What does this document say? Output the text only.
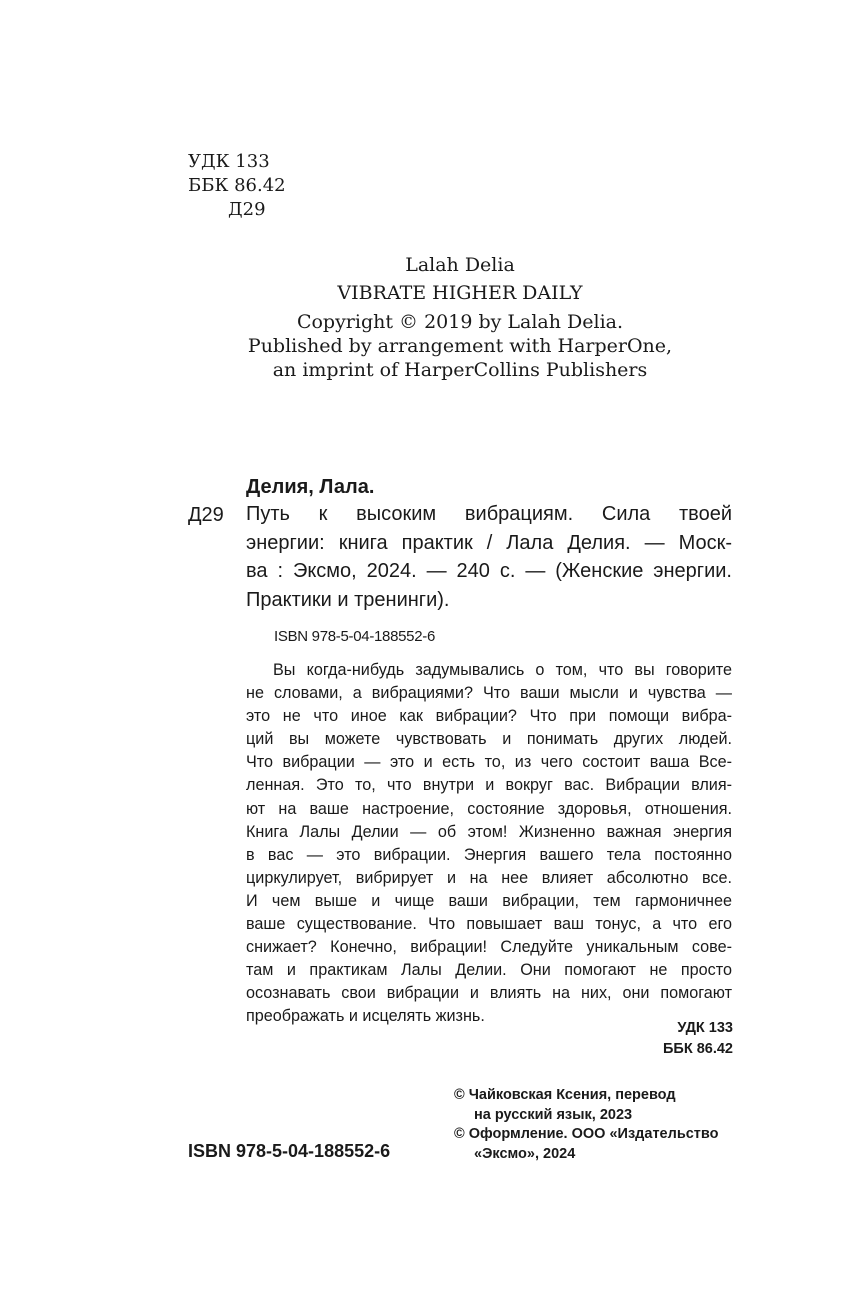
УДК 133
ББК 86.42
Д29
Lalah Delia
VIBRATE HIGHER DAILY
Copyright © 2019 by Lalah Delia.
Published by arrangement with HarperOne,
an imprint of HarperCollins Publishers
Делия, Лала.
Д29 Путь к высоким вибрациям. Сила твоей
энергии: книга практик / Лала Делия. — Моск-
ва : Эксмо, 2024. — 240 с. — (Женские энергии.
Практики и тренинги).
ISBN 978-5-04-188552-6
Вы когда-нибудь задумывались о том, что вы говорите
не словами, а вибрациями? Что ваши мысли и чувства —
это не что иное как вибрации? Что при помощи вибра-
ций вы можете чувствовать и понимать других людей.
Что вибрации — это и есть то, из чего состоит ваша Все-
ленная. Это то, что внутри и вокруг вас. Вибрации влия-
ют на ваше настроение, состояние здоровья, отношения.
Книга Лалы Делии — об этом! Жизненно важная энергия
в вас — это вибрации. Энергия вашего тела постоянно
циркулирует, вибрирует и на нее влияет абсолютно все.
И чем выше и чище ваши вибрации, тем гармоничнее
ваше существование. Что повышает ваш тонус, а что его
снижает? Конечно, вибрации! Следуйте уникальным сове-
там и практикам Лалы Делии. Они помогают не просто
осознавать свои вибрации и влиять на них, они помогают
преображать и исцелять жизнь.
УДК 133
ББК 86.42
ISBN 978-5-04-188552-6
© Чайковская Ксения, перевод
на русский язык, 2023
© Оформление. ООО «Издательство
«Эксмо», 2024
